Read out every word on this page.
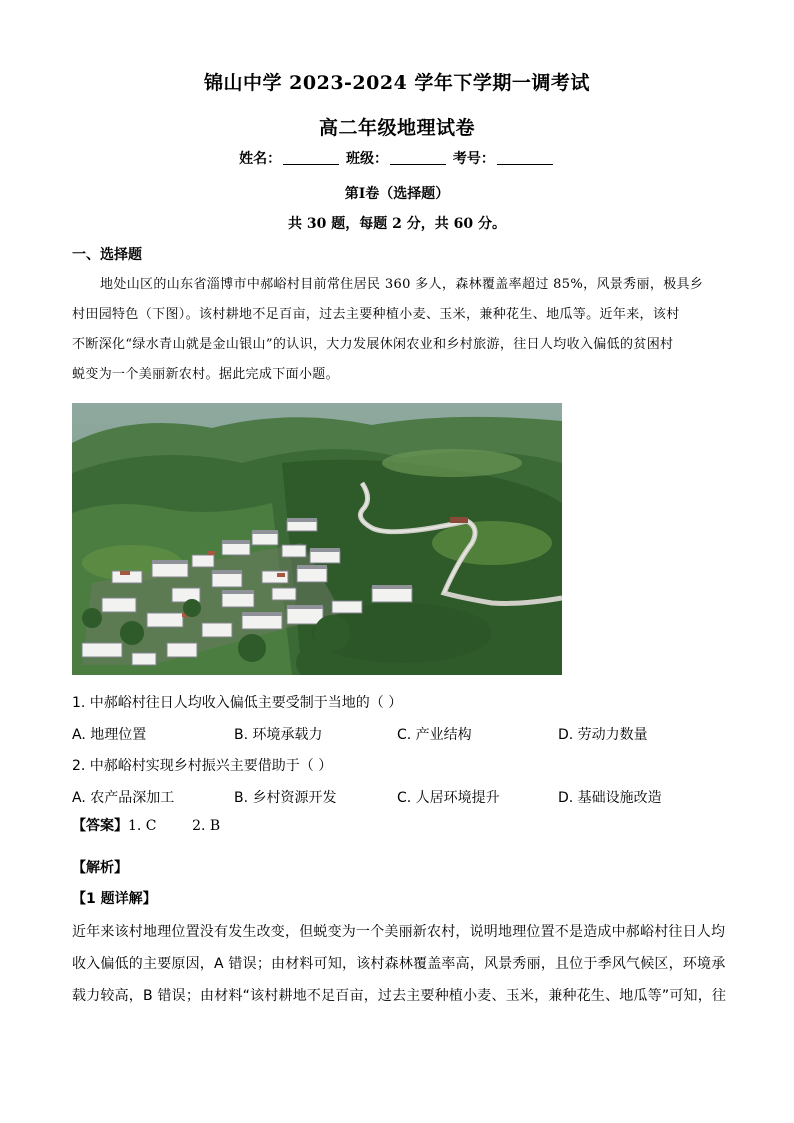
锦山中学 2023-2024 学年下学期一调考试
高二年级地理试卷
姓名：	班级：	考号：
第Ⅰ卷（选择题）
共 30 题，每题 2 分，共 60 分。
一、选择题
地处山区的山东省淄博市中郝峪村目前常住居民 360 多人，森林覆盖率超过 85%，风景秀丽，极具乡
村田园特色（下图）。该村耕地不足百亩，过去主要种植小麦、玉米，兼种花生、地瓜等。近年来，该村
不断深化“绿水青山就是金山银山”的认识，大力发展休闲农业和乡村旅游，往日人均收入偏低的贫困村
蜕变为一个美丽新农村。据此完成下面小题。
1. 中郝峪村往日人均收入偏低主要受制于当地的（ ）
A. 地理位置	B. 环境承载力	C. 产业结构	D. 劳动力数量
2. 中郝峪村实现乡村振兴主要借助于（ ）
A. 农产品深加工	B. 乡村资源开发	C. 人居环境提升	D. 基础设施改造
【答案】1. C        2. B
【解析】
【1 题详解】
近年来该村地理位置没有发生改变，但蜕变为一个美丽新农村，说明地理位置不是造成中郝峪村往日人均
收入偏低的主要原因，A 错误；由材料可知，该村森林覆盖率高，风景秀丽，且位于季风气候区，环境承
载力较高，B 错误；由材料“该村耕地不足百亩，过去主要种植小麦、玉米，兼种花生、地瓜等”可知，往
